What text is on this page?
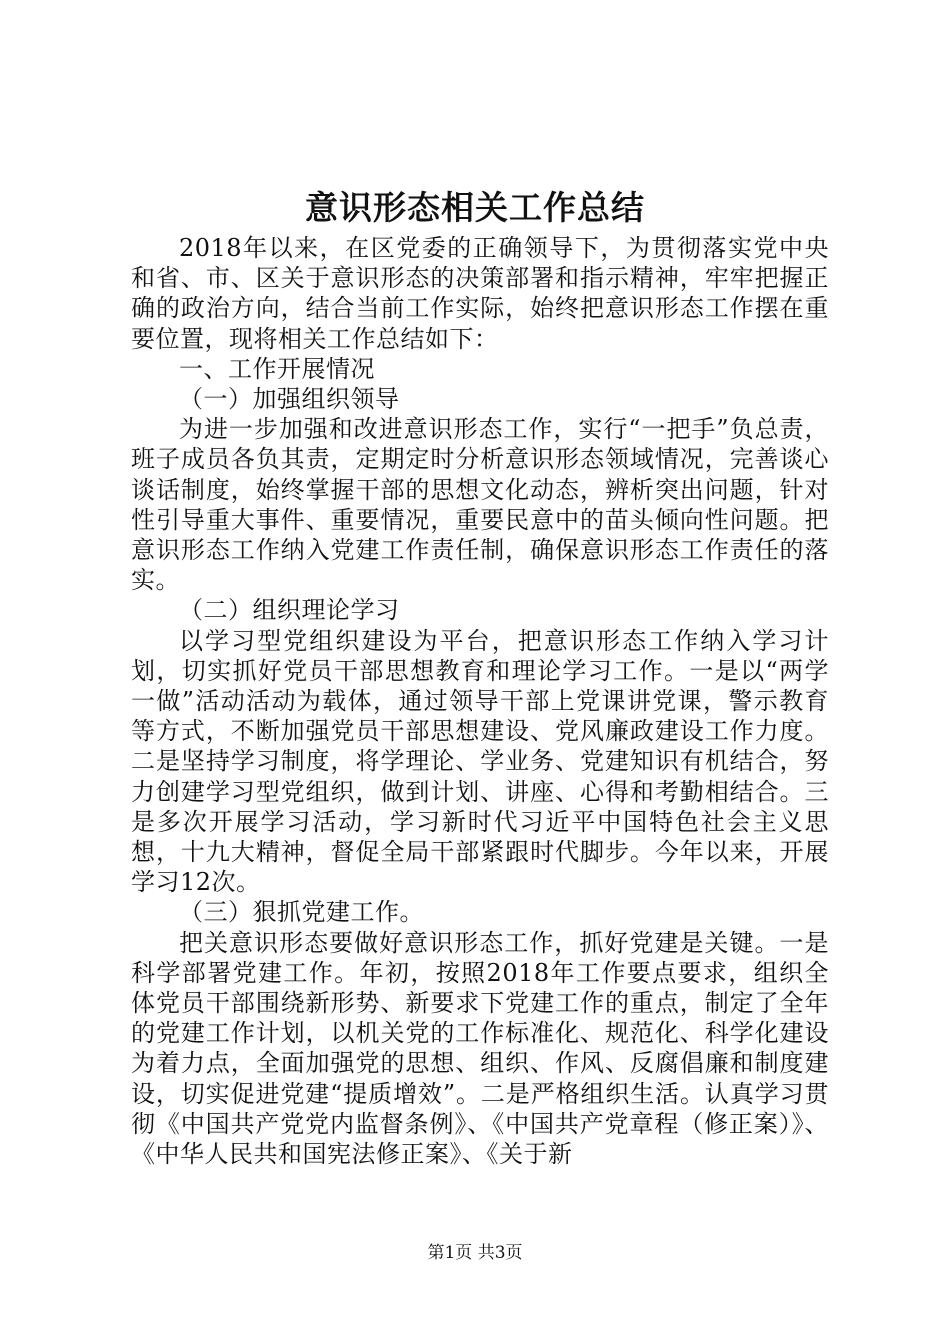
意识形态相关工作总结

2018年以来，在区党委的正确领导下，为贯彻落实党中央和省、市、区关于意识形态的决策部署和指示精神，牢牢把握正确的政治方向，结合当前工作实际，始终把意识形态工作摆在重要位置，现将相关工作总结如下：

一、工作开展情况

（一）加强组织领导

为进一步加强和改进意识形态工作，实行“一把手”负总责，班子成员各负其责，定期定时分析意识形态领域情况，完善谈心谈话制度，始终掌握干部的思想文化动态，辨析突出问题，针对性引导重大事件、重要情况，重要民意中的苗头倾向性问题。把意识形态工作纳入党建工作责任制，确保意识形态工作责任的落实。

（二）组织理论学习

以学习型党组织建设为平台，把意识形态工作纳入学习计划，切实抓好党员干部思想教育和理论学习工作。一是以“两学一做”活动活动为载体，通过领导干部上党课讲党课，警示教育等方式，不断加强党员干部思想建设、党风廉政建设工作力度。二是坚持学习制度，将学理论、学业务、党建知识有机结合，努力创建学习型党组织，做到计划、讲座、心得和考勤相结合。三是多次开展学习活动，学习新时代习近平中国特色社会主义思想，十九大精神，督促全局干部紧跟时代脚步。今年以来，开展学习12次。

（三）狠抓党建工作。

把关意识形态要做好意识形态工作，抓好党建是关键。一是科学部署党建工作。年初，按照2018年工作要点要求，组织全体党员干部围绕新形势、新要求下党建工作的重点，制定了全年的党建工作计划，以机关党的工作标准化、规范化、科学化建设为着力点，全面加强党的思想、组织、作风、反腐倡廉和制度建设，切实促进党建“提质增效”。二是严格组织生活。认真学习贯彻《中国共产党党内监督条例》、《中国共产党章程（修正案）》、《中华人民共和国宪法修正案》、《关于新

第1页 共3页
